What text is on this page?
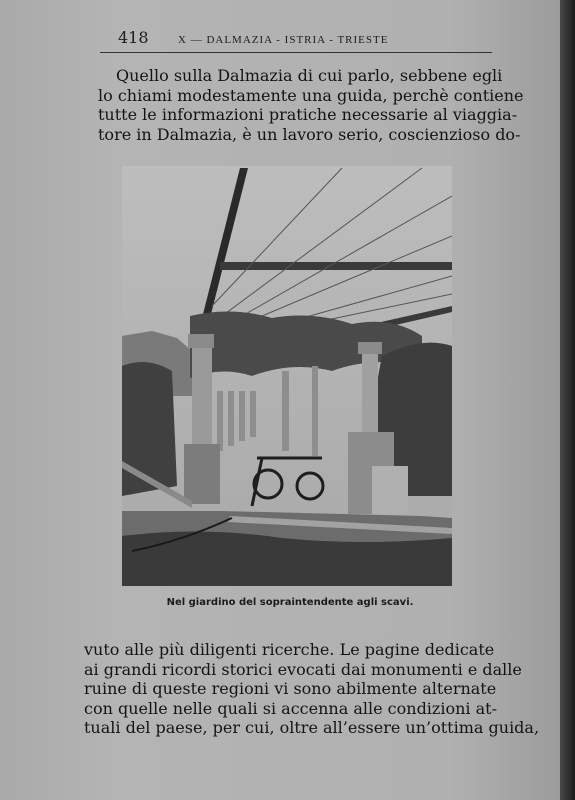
418	X — DALMAZIA - ISTRIA - TRIESTE
Quello sulla Dalmazia di cui parlo, sebbene egli
lo chiami modestamente una guida, perchè contiene
tutte le informazioni pratiche necessarie al viaggia-
tore in Dalmazia, è un lavoro serio, coscienzioso do-
Nel giardino del sopraintendente agli scavi.
vuto alle più diligenti ricerche. Le pagine dedicate
ai grandi ricordi storici evocati dai monumenti e dalle
ruine di queste regioni vi sono abilmente alternate
con quelle nelle quali si accenna alle condizioni at-
tuali del paese, per cui, oltre all’essere un’ottima guida,
